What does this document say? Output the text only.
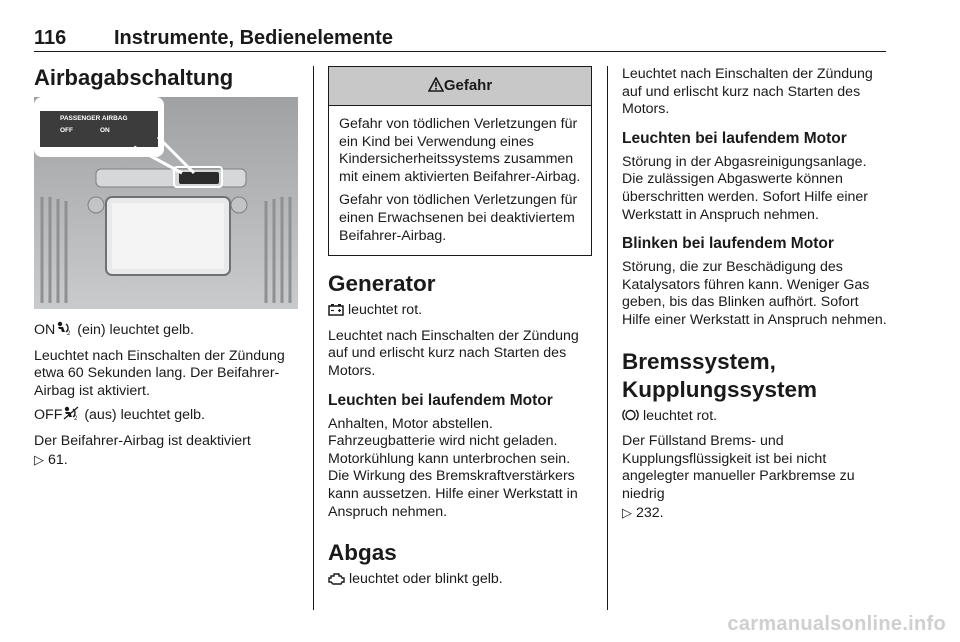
116 Instrumente, Bedienelemente
Airbagabschaltung
PASSENGER AIRBAG
OFF	ON

ON 2 (ein) leuchtet gelb.

Leuchtet nach Einschalten der Zündung etwa 60 Sekunden lang. Der Beifahrer-Airbag ist aktiviert.

OFF 2 (aus) leuchtet gelb.

Der Beifahrer-Airbag ist deaktiviert
▷ 61.

Gefahr

Gefahr von tödlichen Verletzungen für ein Kind bei Verwendung eines Kindersicherheitssystems zusammen mit einem aktivierten Beifahrer-Airbag.

Gefahr von tödlichen Verletzungen für einen Erwachsenen bei deaktiviertem Beifahrer-Airbag.

Generator

leuchtet rot.

Leuchtet nach Einschalten der Zündung auf und erlischt kurz nach Starten des Motors.

Leuchten bei laufendem Motor

Anhalten, Motor abstellen. Fahrzeugbatterie wird nicht geladen. Motorkühlung kann unterbrochen sein. Die Wirkung des Bremskraftverstärkers kann aussetzen. Hilfe einer Werkstatt in Anspruch nehmen.

Abgas

leuchtet oder blinkt gelb.

Leuchtet nach Einschalten der Zündung auf und erlischt kurz nach Starten des Motors.

Leuchten bei laufendem Motor

Störung in der Abgasreinigungsanlage. Die zulässigen Abgaswerte können überschritten werden. Sofort Hilfe einer Werkstatt in Anspruch nehmen.

Blinken bei laufendem Motor

Störung, die zur Beschädigung des Katalysators führen kann. Weniger Gas geben, bis das Blinken aufhört. Sofort Hilfe einer Werkstatt in Anspruch nehmen.

Bremssystem,
Kupplungssystem

leuchtet rot.

Der Füllstand Brems- und Kupplungsflüssigkeit ist bei nicht angelegter manueller Parkbremse zu niedrig
▷ 232.

carmanualsonline.info
